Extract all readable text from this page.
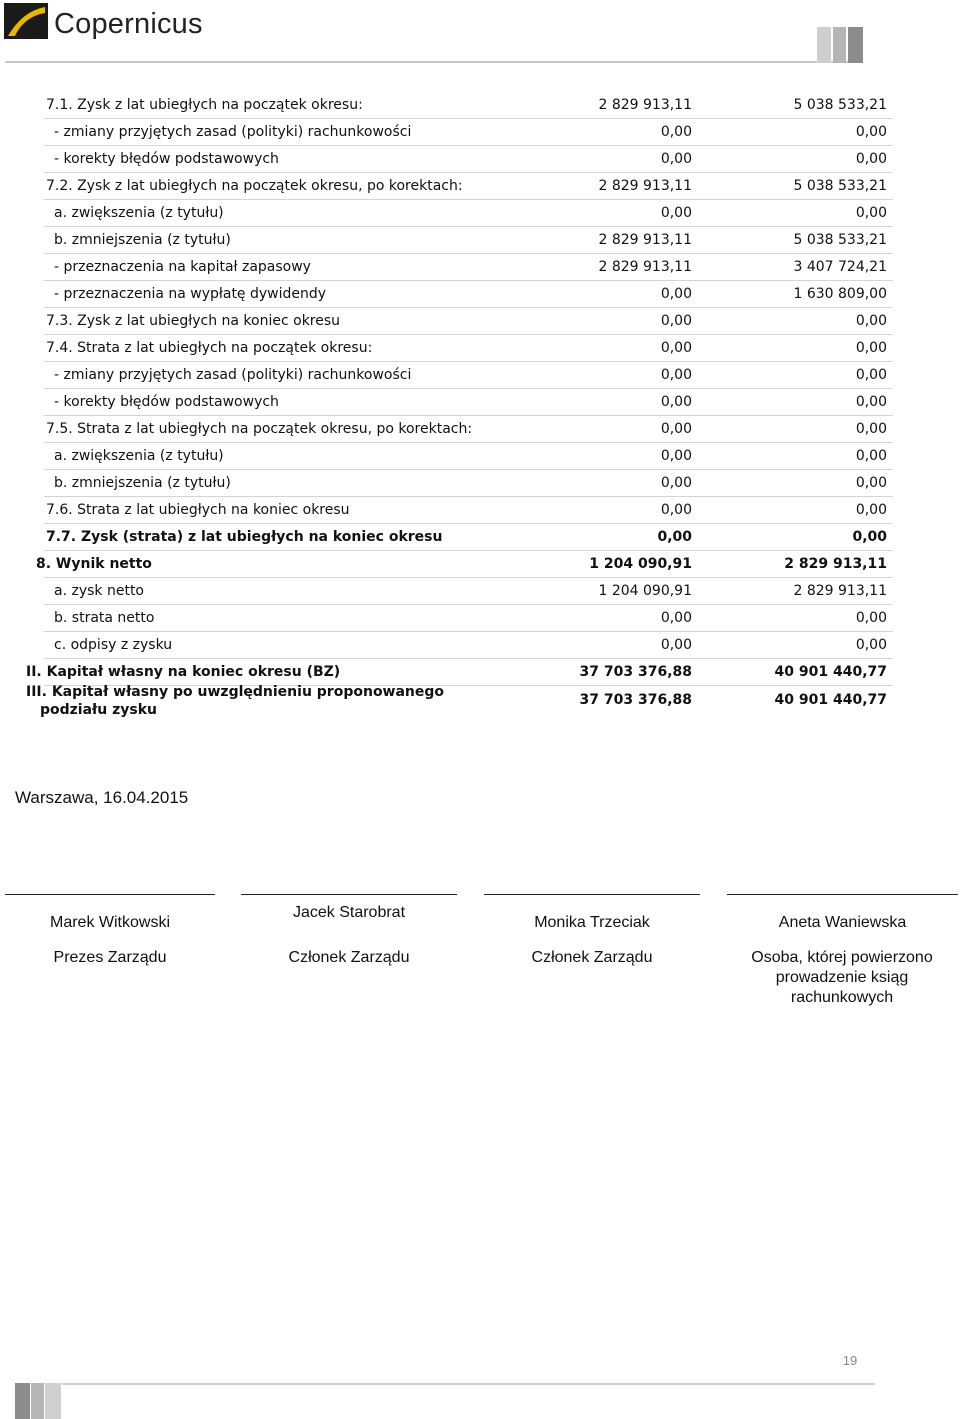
Copernicus
7.1. Zysk z lat ubiegłych na początek okresu:	2 829 913,11	5 038 533,21
- zmiany przyjętych zasad (polityki) rachunkowości	0,00	0,00
- korekty błędów podstawowych	0,00	0,00
7.2. Zysk z lat ubiegłych na początek okresu, po korektach:	2 829 913,11	5 038 533,21
a. zwiększenia (z tytułu)	0,00	0,00
b. zmniejszenia (z tytułu)	2 829 913,11	5 038 533,21
- przeznaczenia na kapitał zapasowy	2 829 913,11	3 407 724,21
- przeznaczenia na wypłatę dywidendy	0,00	1 630 809,00
7.3. Zysk z lat ubiegłych na koniec okresu	0,00	0,00
7.4. Strata z lat ubiegłych na początek okresu:	0,00	0,00
- zmiany przyjętych zasad (polityki) rachunkowości	0,00	0,00
- korekty błędów podstawowych	0,00	0,00
7.5. Strata z lat ubiegłych na początek okresu, po korektach:	0,00	0,00
a. zwiększenia (z tytułu)	0,00	0,00
b. zmniejszenia (z tytułu)	0,00	0,00
7.6. Strata z lat ubiegłych na koniec okresu	0,00	0,00
7.7. Zysk (strata) z lat ubiegłych na koniec okresu	0,00	0,00
8. Wynik netto	1 204 090,91	2 829 913,11
a. zysk netto	1 204 090,91	2 829 913,11
b. strata netto	0,00	0,00
c. odpisy z zysku	0,00	0,00
II. Kapitał własny na koniec okresu (BZ)	37 703 376,88	40 901 440,77
III. Kapitał własny po uwzględnieniu proponowanego
podziału zysku
37 703 376,88	40 901 440,77
Warszawa, 16.04.2015
Marek Witkowski
Jacek Starobrat
Monika Trzeciak	Aneta Waniewska
Prezes Zarządu	Członek Zarządu	Członek Zarządu	Osoba, której powierzono prowadzenie ksiąg rachunkowych
19
